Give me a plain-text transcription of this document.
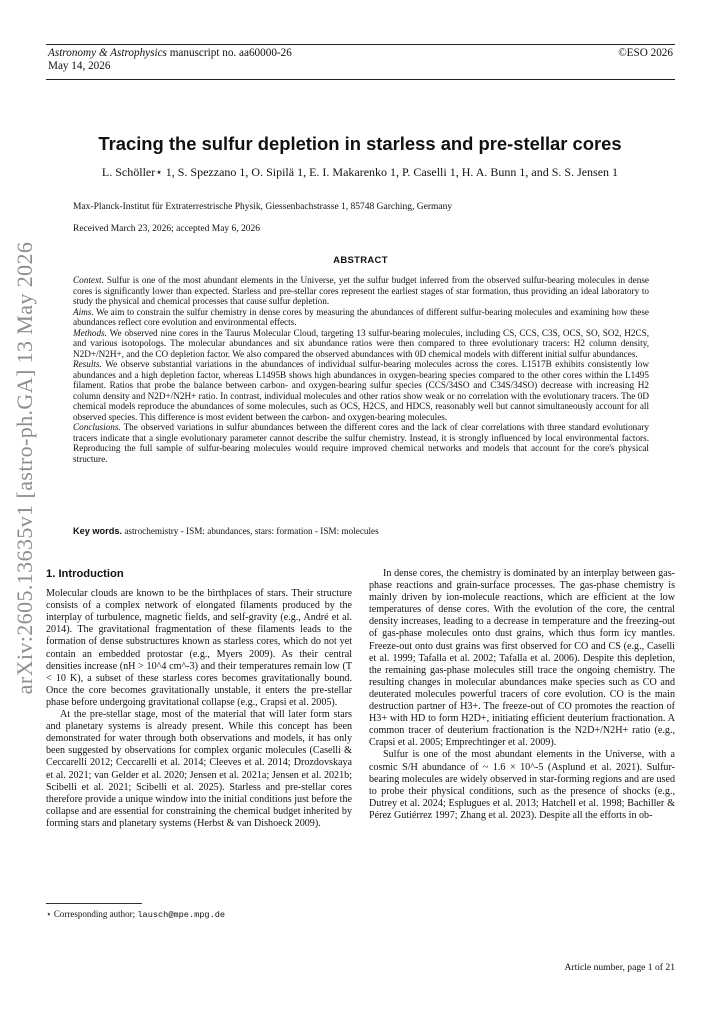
Astronomy & Astrophysics manuscript no. aa60000-26
May 14, 2026
©ESO 2026
arXiv:2605.13635v1 [astro-ph.GA] 13 May 2026
Tracing the sulfur depletion in starless and pre-stellar cores
L. Schöller⋆ 1, S. Spezzano 1, O. Sipilä 1, E. I. Makarenko 1, P. Caselli 1, H. A. Bunn 1, and S. S. Jensen 1
Max-Planck-Institut für Extraterrestrische Physik, Giessenbachstrasse 1, 85748 Garching, Germany
Received March 23, 2026; accepted May 6, 2026
ABSTRACT

Context. Sulfur is one of the most abundant elements in the Universe, yet the sulfur budget inferred from the observed sulfur-bearing molecules in dense cores is significantly lower than expected. Starless and pre-stellar cores represent the earliest stages of star formation, thus providing an ideal laboratory to study the physical and chemical processes that cause sulfur depletion.

Aims. We aim to constrain the sulfur chemistry in dense cores by measuring the abundances of different sulfur-bearing molecules and examining how these abundances reflect core evolution and environmental effects.

Methods. We observed nine cores in the Taurus Molecular Cloud, targeting 13 sulfur-bearing molecules, including CS, CCS, C3S, OCS, SO, SO2, H2CS, and various isotopologs. The molecular abundances and six abundance ratios were then compared to three evolutionary tracers: H2 column density, N2D+/N2H+, and the CO depletion factor. We also compared the observed abundances with 0D chemical models with different initial sulfur abundances.

Results. We observe substantial variations in the abundances of individual sulfur-bearing molecules across the cores. L1517B exhibits consistently low abundances and a high depletion factor, whereas L1495B shows high abundances in oxygen-bearing species compared to the other cores within the L1495 filament. Ratios that probe the balance between carbon- and oxygen-bearing sulfur species (CCS/34SO and C34S/34SO) decrease with increasing H2 column density and N2D+/N2H+ ratio. In contrast, individual molecules and other ratios show weak or no correlation with the evolutionary tracers. The 0D chemical models reproduce the abundances of some molecules, such as OCS, H2CS, and HDCS, reasonably well but cannot simultaneously account for all observed species. This difference is most evident between the carbon- and oxygen-bearing molecules.

Conclusions. The observed variations in sulfur abundances between the different cores and the lack of clear correlations with three standard evolutionary tracers indicate that a single evolutionary parameter cannot describe the sulfur chemistry. Instead, it is strongly influenced by local environmental factors. Reproducing the full sample of sulfur-bearing molecules would require improved chemical networks and models that account for the core's physical structure.

Key words. astrochemistry - ISM: abundances, stars: formation - ISM: molecules
1. Introduction

Molecular clouds are known to be the birthplaces of stars. Their structure consists of a complex network of elongated filaments produced by the interplay of turbulence, magnetic fields, and self-gravity (e.g., André et al. 2014). The gravitational fragmentation of these filaments leads to the formation of dense substructures known as starless cores, which do not yet contain an embedded protostar (e.g., Myers 2009). As their central densities increase (nH > 10^4 cm^-3) and their temperatures remain low (T < 10 K), a subset of these starless cores becomes gravitationally bound. Once the core becomes gravitationally unstable, it enters the pre-stellar phase before undergoing gravitational collapse (e.g., Crapsi et al. 2005).

At the pre-stellar stage, most of the material that will later form stars and planetary systems is already present. While this concept has been demonstrated for water through both observations and models, it has only been suggested by observations for complex organic molecules (Caselli & Ceccarelli 2012; Ceccarelli et al. 2014; Cleeves et al. 2014; Drozdovskaya et al. 2021; van Gelder et al. 2020; Jensen et al. 2021a; Jensen et al. 2021b; Scibelli et al. 2021; Scibelli et al. 2025). Starless and pre-stellar cores therefore provide a unique window into the initial conditions just before the collapse and are essential for constraining the chemical budget inherited by forming stars and planetary systems (Herbst & van Dishoeck 2009).

In dense cores, the chemistry is dominated by an interplay between gas-phase reactions and grain-surface processes. The gas-phase chemistry is mainly driven by ion-molecule reactions, which are efficient at the low temperatures of dense cores. With the evolution of the core, the central density increases, leading to a decrease in temperature and the freezing-out of gas-phase molecules onto dust grains, which thus form icy mantles. Freeze-out onto dust grains was first observed for CO and CS (e.g., Caselli et al. 1999; Tafalla et al. 2002; Tafalla et al. 2006). Despite this depletion, the remaining gas-phase molecules still trace the ongoing chemistry. The resulting changes in molecular abundances make species such as CO and deuterated molecules powerful tracers of core evolution. CO is the main destruction partner of H3+. The freeze-out of CO promotes the reaction of H3+ with HD to form H2D+, initiating efficient deuterium fractionation. A common tracer of deuterium fractionation is the N2D+/N2H+ ratio (e.g., Crapsi et al. 2005; Emprechtinger et al. 2009).

Sulfur is one of the most abundant elements in the Universe, with a cosmic S/H abundance of ~ 1.6 × 10^-5 (Asplund et al. 2021). Sulfur-bearing molecules are widely observed in star-forming regions and are used to probe their physical conditions, such as the presence of shocks (e.g., Dutrey et al. 2024; Esplugues et al. 2013; Hatchell et al. 1998; Bachiller & Pérez Gutiérrez 1997; Zhang et al. 2023). Despite all the efforts in ob-

⋆ Corresponding author; lausch@mpe.mpg.de
Article number, page 1 of 21
